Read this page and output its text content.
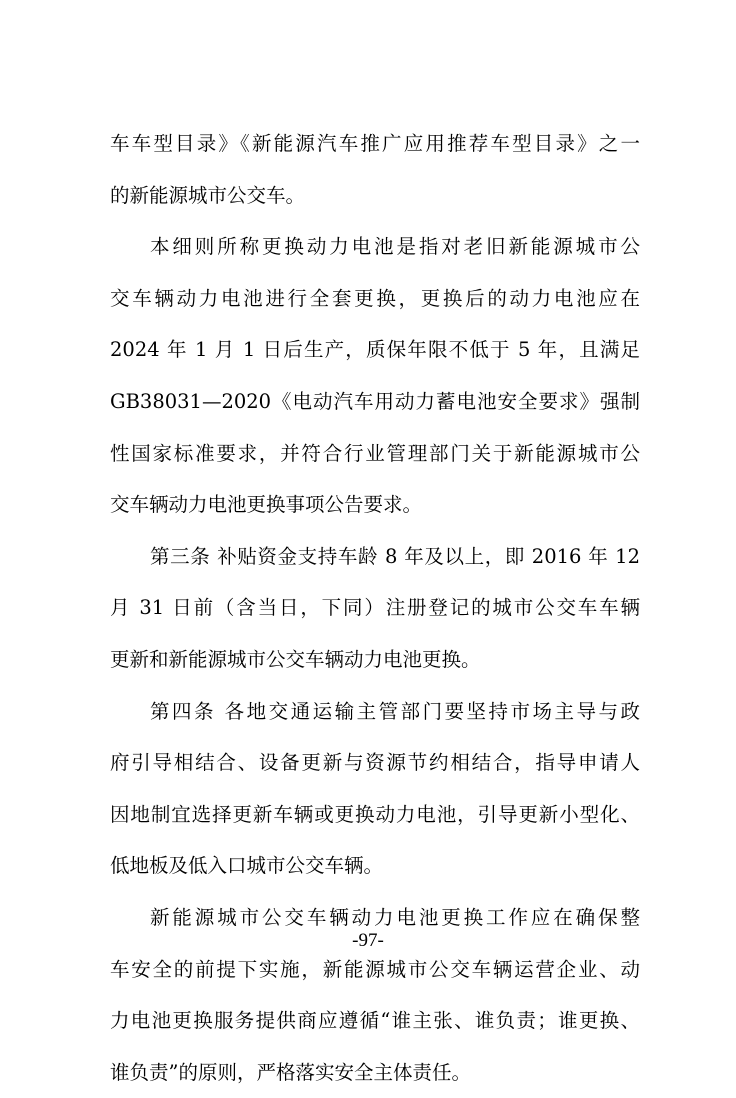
车车型目录》《新能源汽车推广应用推荐车型目录》之一
的新能源城市公交车。
本细则所称更换动力电池是指对老旧新能源城市公
交车辆动力电池进行全套更换，更换后的动力电池应在
2024 年 1 月 1 日后生产，质保年限不低于 5 年，且满足
GB38031—2020《电动汽车用动力蓄电池安全要求》强制
性国家标准要求，并符合行业管理部门关于新能源城市公
交车辆动力电池更换事项公告要求。
第三条 补贴资金支持车龄 8 年及以上，即 2016 年 12
月 31 日前（含当日，下同）注册登记的城市公交车车辆
更新和新能源城市公交车辆动力电池更换。
第四条 各地交通运输主管部门要坚持市场主导与政
府引导相结合、设备更新与资源节约相结合，指导申请人
因地制宜选择更新车辆或更换动力电池，引导更新小型化、
低地板及低入口城市公交车辆。
新能源城市公交车辆动力电池更换工作应在确保整
车安全的前提下实施，新能源城市公交车辆运营企业、动
力电池更换服务提供商应遵循“谁主张、谁负责；谁更换、
谁负责”的原则，严格落实安全主体责任。
-97-
